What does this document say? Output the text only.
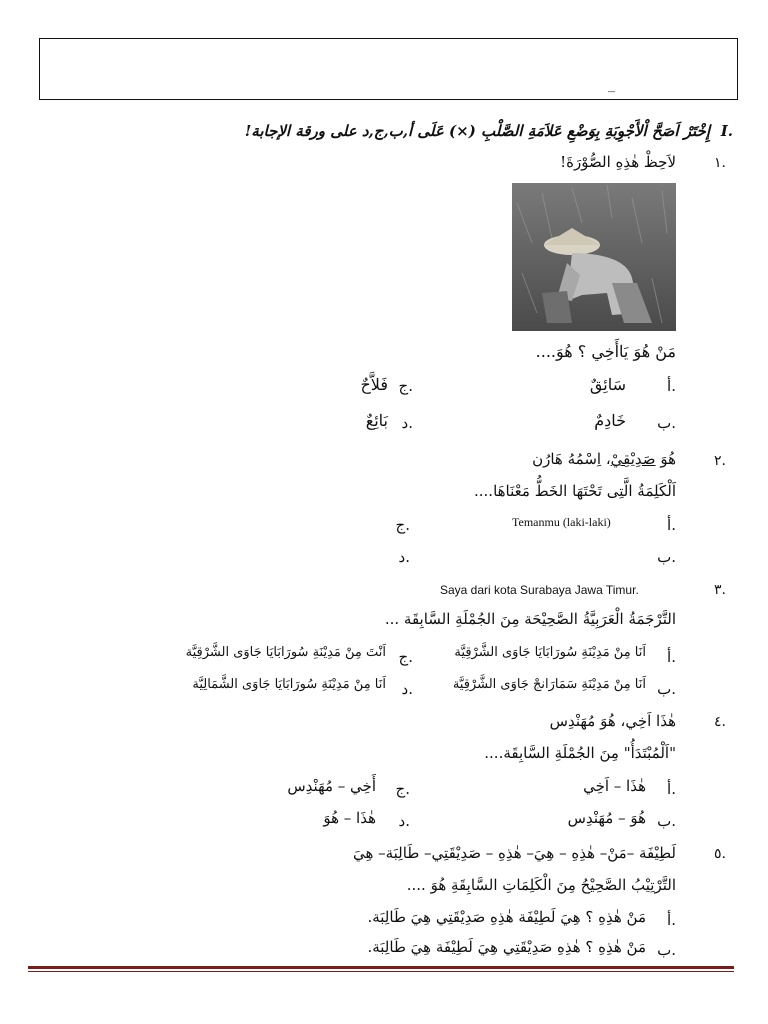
_
إِخْتَرْ اَصَحَّ اْلأَجْوِبَةِ بِوَضْعِ عَلاَمَةِ الصَّلْبِ (×) عَلَى أ,ب,ج,د على ورقة الإجابة! I.
١.
لاَحِظْ هٰذِهِ الصُّوْرَةَ!
مَنْ هُوَ يَاأَخِي ؟ هُوَ....
أ.
سَائِقٌ
ج.
فَلاَّحٌ
ب.
خَادِمٌ
د.
بَائِعٌ
٢.
هُوَ صَدِيْقِيْ، اِسْمُهُ هَارُن
اَلْكَلِمَةُ الَّتِى تَحْتَهَا الخَطُّ مَعْنَاهَا....
أ.
Temanmu (laki-laki)
ج.
ب.
د.
٣.
Saya dari kota Surabaya Jawa Timur.
التَّرْجَمَةُ الْعَرَبِيَّةُ الصَّحِيْحَة مِنَ الجُمْلَةِ السَّابِقَة ...
أ.
اَنَا مِنْ مَدِيْنَةِ سُورَابَايَا جَاوَى الشَّرْقِيَّة
ج.
اَنْتَ مِنْ مَدِيْنَةِ سُورَابَايَا جَاوَى الشَّرْقِيَّة
ب.
اَنَا مِنْ مَدِيْنَةِ سَمَارَانجْ جَاوَى الشَّرْقِيَّة
د.
اَنَا مِنْ مَدِيْنَةِ سُورَابَايَا جَاوَى الشَّمَالِيَّة
٤.
هٰذَا اَخِي، هُوَ مُهَنْدِس
"اَلْمُبْتَدَأُ" مِنَ الجُمْلَةِ السَّابِقَة....
أ.
هٰذَا – اَخِي
ج.
أَخِي – مُهَنْدِس
ب.
هُوَ – مُهَنْدِس
د.
هٰذَا – هُوَ
٥.
لَطِيْفَة –مَنْ– هٰذِهِ – هِيَ– هٰذِهِ – صَدِيْقَتِي– طَالِبَة– هِيَ
التَّرْتِيْبُ الصَّحِيْحُ مِنَ الْكَلِمَاتِ السَّابِقَةِ هُوَ ....
أ.
مَنْ هٰذِهِ ؟ هِيَ لَطِيْفَة هٰذِهِ صَدِيْقَتِي هِيَ طَالِبَة.
ب.
مَنْ هٰذِهِ ؟ هٰذِهِ صَدِيْقَتِي هِيَ لَطِيْفَة هِيَ طَالِبَة.
